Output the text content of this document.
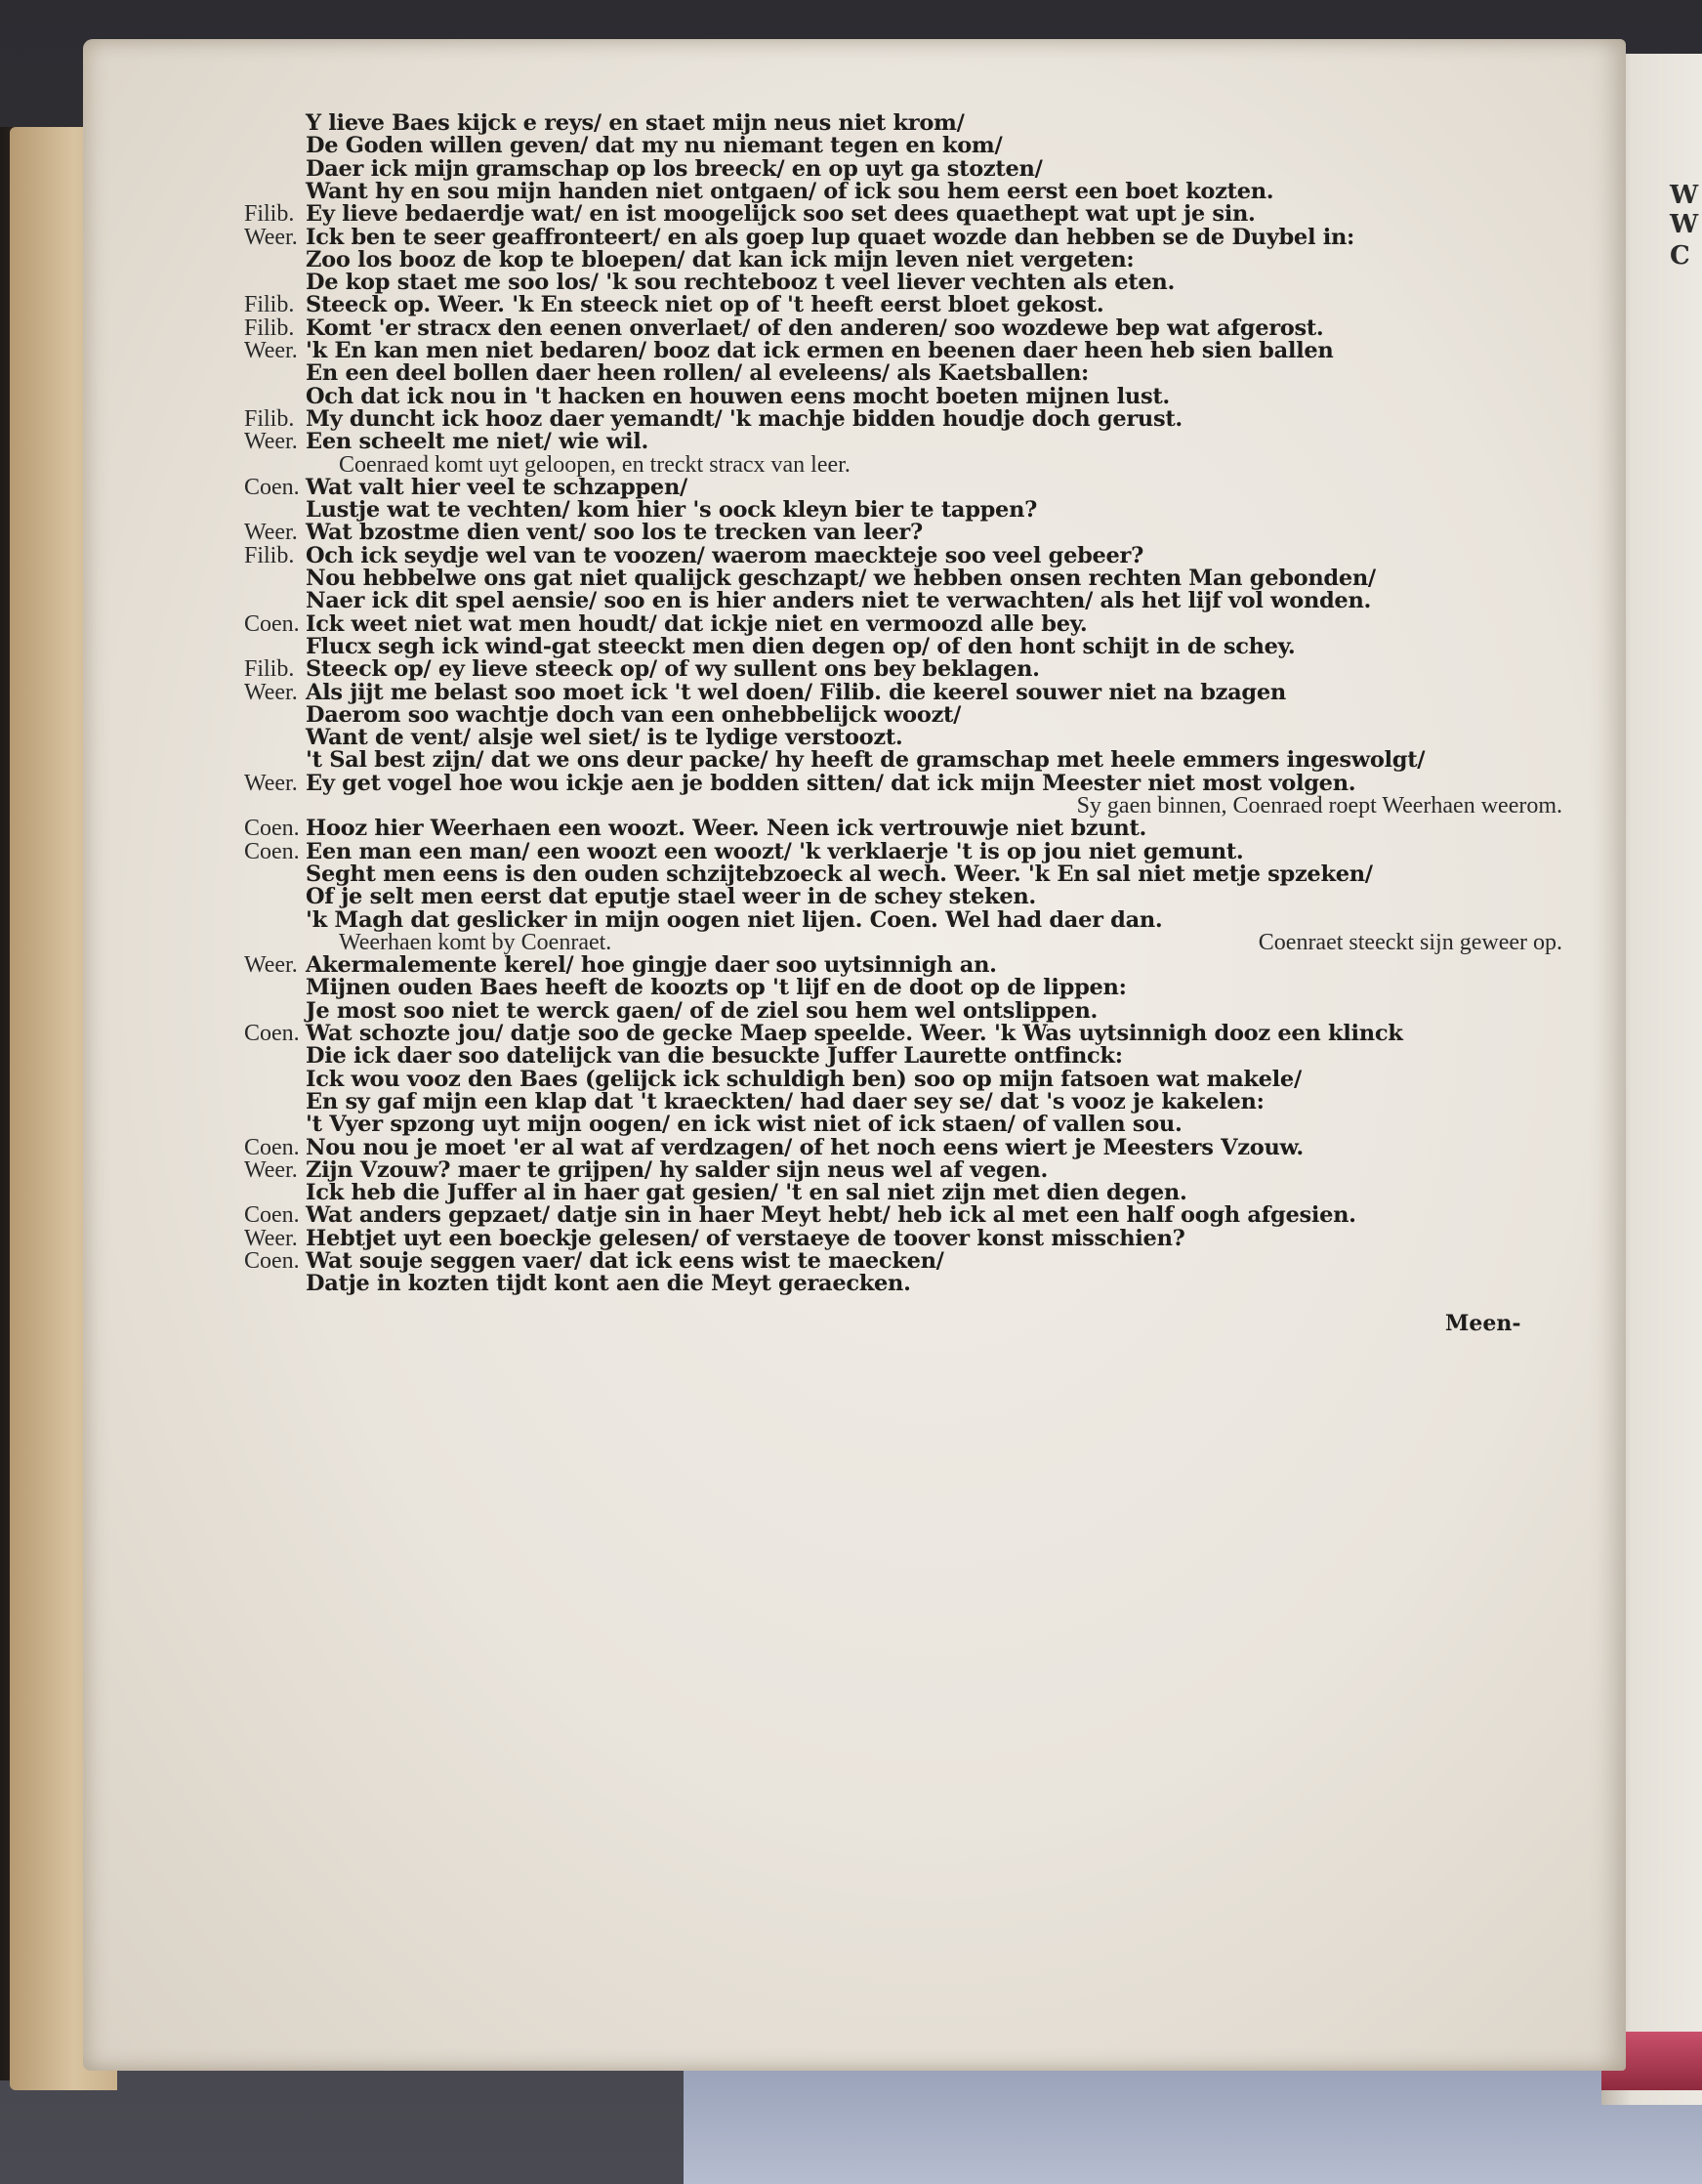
W
W
C
Y lieve Baes kijck e reys/ en staet mijn neus niet krom/
De Goden willen geven/ dat my nu niemant tegen en kom/
Daer ick mijn gramschap op los breeck/ en op uyt ga stozten/
Want hy en sou mijn handen niet ontgaen/ of ick sou hem eerst een boet kozten.
Filib. Ey lieve bedaerdje wat/ en ist moogelijck soo set dees quaethept wat upt je sin.
Weer. Ick ben te seer geaffronteert/ en als goep lup quaet wozde dan hebben se de Duybel in:
Zoo los booz de kop te bloepen/ dat kan ick mijn leven niet vergeten:
De kop staet me soo los/ 'k sou rechtebooz t veel liever vechten als eten.
Filib. Steeck op. Weer. 'k En steeck niet op of 't heeft eerst bloet gekost.
Filib. Komt 'er stracx den eenen onverlaet/ of den anderen/ soo wozdewe bep wat afgerost.
Weer. 'k En kan men niet bedaren/ booz dat ick ermen en beenen daer heen heb sien ballen
En een deel bollen daer heen rollen/ al eveleens/ als Kaetsballen:
Och dat ick nou in 't hacken en houwen eens mocht boeten mijnen lust.
Filib. My duncht ick hooz daer yemandt/ 'k machje bidden houdje doch gerust.
Weer. Een scheelt me niet/ wie wil.
Coenraed komt uyt geloopen, en treckt stracx van leer.
Coen. Wat valt hier veel te schzappen/
Lustje wat te vechten/ kom hier 's oock kleyn bier te tappen?
Weer. Wat bzostme dien vent/ soo los te trecken van leer?
Filib. Och ick seydje wel van te voozen/ waerom maeckteje soo veel gebeer?
Nou hebbelwe ons gat niet qualijck geschzapt/ we hebben onsen rechten Man gebonden/
Naer ick dit spel aensie/ soo en is hier anders niet te verwachten/ als het lijf vol wonden.
Coen. Ick weet niet wat men houdt/ dat ickje niet en vermoozd alle bey.
Flucx segh ick wind-gat steeckt men dien degen op/ of den hont schijt in de schey.
Filib. Steeck op/ ey lieve steeck op/ of wy sullent ons bey beklagen.
Weer. Als jijt me belast soo moet ick 't wel doen/ Filib. die keerel souwer niet na bzagen
Daerom soo wachtje doch van een onhebbelijck woozt/
Want de vent/ alsje wel siet/ is te lydige verstoozt.
't Sal best zijn/ dat we ons deur packe/ hy heeft de gramschap met heele emmers ingeswolgt/
Weer. Ey get vogel hoe wou ickje aen je bodden sitten/ dat ick mijn Meester niet most volgen.
Sy gaen binnen, Coenraed roept Weerhaen weerom.
Coen. Hooz hier Weerhaen een woozt. Weer. Neen ick vertrouwje niet bzunt.
Coen. Een man een man/ een woozt een woozt/ 'k verklaerje 't is op jou niet gemunt.
Seght men eens is den ouden schzijtebzoeck al wech. Weer. 'k En sal niet metje spzeken/
Of je selt men eerst dat eputje stael weer in de schey steken.
'k Magh dat geslicker in mijn oogen niet lijen. Coen. Wel had daer dan.
Weerhaen komt by Coenraet.	Coenraet steeckt sijn geweer op.
Weer. Akermalemente kerel/ hoe gingje daer soo uytsinnigh an.
Mijnen ouden Baes heeft de koozts op 't lijf en de doot op de lippen:
Je most soo niet te werck gaen/ of de ziel sou hem wel ontslippen.
Coen. Wat schozte jou/ datje soo de gecke Maep speelde. Weer. 'k Was uytsinnigh dooz een klinck
Die ick daer soo datelijck van die besuckte Juffer Laurette ontfinck:
Ick wou vooz den Baes (gelijck ick schuldigh ben) soo op mijn fatsoen wat makele/
En sy gaf mijn een klap dat 't kraeckten/ had daer sey se/ dat 's vooz je kakelen:
't Vyer spzong uyt mijn oogen/ en ick wist niet of ick staen/ of vallen sou.
Coen. Nou nou je moet 'er al wat af verdzagen/ of het noch eens wiert je Meesters Vzouw.
Weer. Zijn Vzouw? maer te grijpen/ hy salder sijn neus wel af vegen.
Ick heb die Juffer al in haer gat gesien/ 't en sal niet zijn met dien degen.
Coen. Wat anders gepzaet/ datje sin in haer Meyt hebt/ heb ick al met een half oogh afgesien.
Weer. Hebtjet uyt een boeckje gelesen/ of verstaeye de toover konst misschien?
Coen. Wat souje seggen vaer/ dat ick eens wist te maecken/
Datje in kozten tijdt kont aen die Meyt geraecken.
Meen-
